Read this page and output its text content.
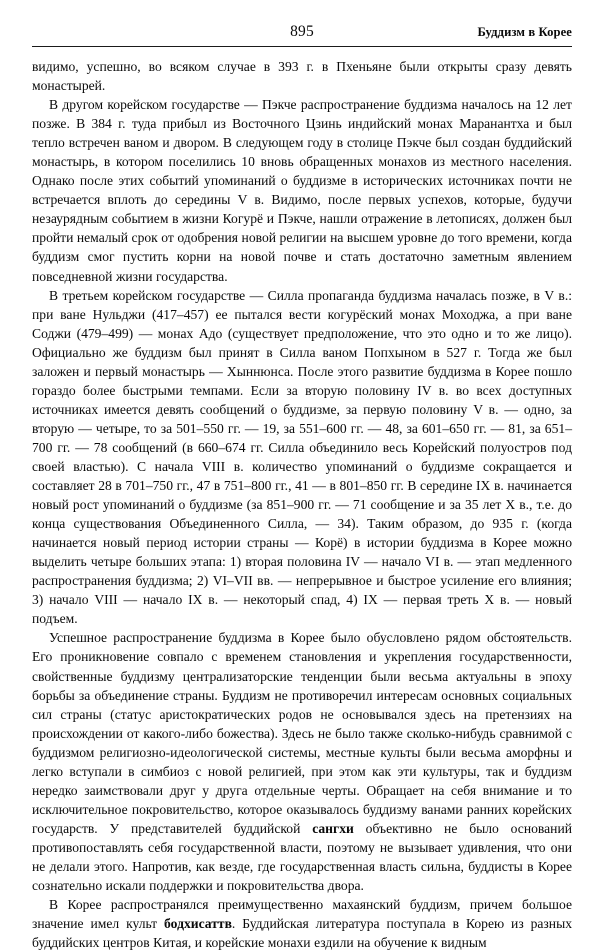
895	Буддизм в Корее

видимо, успешно, во всяком случае в 393 г. в Пхеньяне были открыты сразу девять монастырей.

В другом корейском государстве — Пэкче распространение буддизма началось на 12 лет позже. В 384 г. туда прибыл из Восточного Цзинь индийский монах Маранантха и был тепло встречен ваном и двором. В следующем году в столице Пэкче был создан буддийский монастырь, в котором поселились 10 вновь обращенных монахов из местного населения. Однако после этих событий упоминаний о буддизме в исторических источниках почти не встречается вплоть до середины V в. Видимо, после первых успехов, которые, будучи незаурядным событием в жизни Когурё и Пэкче, нашли отражение в летописях, должен был пройти немалый срок от одобрения новой религии на высшем уровне до того времени, когда буддизм смог пустить корни на новой почве и стать достаточно заметным явлением повседневной жизни государства.

В третьем корейском государстве — Силла пропаганда буддизма началась позже, в V в.: при ване Нульджи (417–457) ее пытался вести когурёский монах Моходжа, а при ване Соджи (479–499) — монах Адо (существует предположение, что это одно и то же лицо). Официально же буддизм был принят в Силла ваном Попхыном в 527 г. Тогда же был заложен и первый монастырь — Хыннюнса. После этого развитие буддизма в Корее пошло гораздо более быстрыми темпами. Если за вторую половину IV в. во всех доступных источниках имеется девять сообщений о буддизме, за первую половину V в. — одно, за вторую — четыре, то за 501–550 гг. — 19, за 551–600 гг. — 48, за 601–650 гг. — 81, за 651–700 гг. — 78 сообщений (в 660–674 гг. Силла объединило весь Корейский полуостров под своей властью). С начала VIII в. количество упоминаний о буддизме сокращается и составляет 28 в 701–750 гг., 47 в 751–800 гг., 41 — в 801–850 гг. В середине IX в. начинается новый рост упоминаний о буддизме (за 851–900 гг. — 71 сообщение и за 35 лет X в., т.е. до конца существования Объединенного Силла, — 34). Таким образом, до 935 г. (когда начинается новый период истории страны — Корё) в истории буддизма в Корее можно выделить четыре больших этапа: 1) вторая половина IV — начало VI в. — этап медленного распространения буддизма; 2) VI–VII вв. — непрерывное и быстрое усиление его влияния; 3) начало VIII — начало IX в. — некоторый спад, 4) IX — первая треть X в. — новый подъем.

Успешное распространение буддизма в Корее было обусловлено рядом обстоятельств. Его проникновение совпало с временем становления и укрепления государственности, свойственные буддизму централизаторские тенденции были весьма актуальны в эпоху борьбы за объединение страны. Буддизм не противоречил интересам основных социальных сил страны (статус аристократических родов не основывался здесь на претензиях на происхождении от какого-либо божества). Здесь не было также сколько-нибудь сравнимой с буддизмом религиозно-идеологической системы, местные культы были весьма аморфны и легко вступали в симбиоз с новой религией, при этом как эти культуры, так и буддизм нередко заимствовали друг у друга отдельные черты. Обращает на себя внимание и то исключительное покровительство, которое оказывалось буддизму ванами ранних корейских государств. У представителей буддийской сангхи объективно не было оснований противопоставлять себя государственной власти, поэтому не вызывает удивления, что они не делали этого. Напротив, как везде, где государственная власть сильна, буддисты в Корее сознательно искали поддержки и покровительства двора.

В Корее распространялся преимущественно махаянский буддизм, причем большое значение имел культ бодхисаттв. Буддийская литература поступала в Корею из разных буддийских центров Китая, и корейские монахи ездили на обучение к видным
